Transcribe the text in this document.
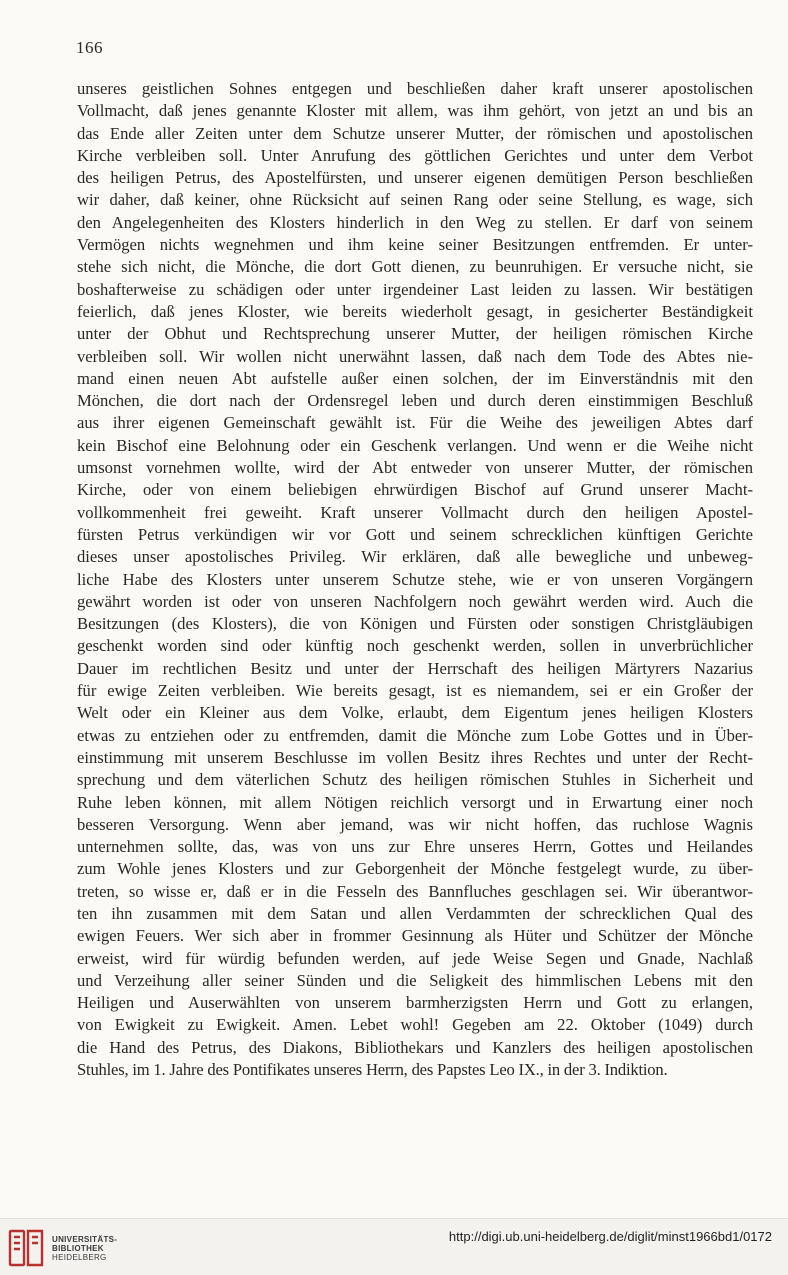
166
unseres geistlichen Sohnes entgegen und beschließen daher kraft unserer apostolischen
Vollmacht, daß jenes genannte Kloster mit allem, was ihm gehört, von jetzt an und bis an
das Ende aller Zeiten unter dem Schutze unserer Mutter, der römischen und apostolischen
Kirche verbleiben soll. Unter Anrufung des göttlichen Gerichtes und unter dem Verbot
des heiligen Petrus, des Apostelfürsten, und unserer eigenen demütigen Person beschließen
wir daher, daß keiner, ohne Rücksicht auf seinen Rang oder seine Stellung, es wage, sich
den Angelegenheiten des Klosters hinderlich in den Weg zu stellen. Er darf von seinem
Vermögen nichts wegnehmen und ihm keine seiner Besitzungen entfremden. Er unter-
stehe sich nicht, die Mönche, die dort Gott dienen, zu beunruhigen. Er versuche nicht, sie
boshafterweise zu schädigen oder unter irgendeiner Last leiden zu lassen. Wir bestätigen
feierlich, daß jenes Kloster, wie bereits wiederholt gesagt, in gesicherter Beständigkeit
unter der Obhut und Rechtsprechung unserer Mutter, der heiligen römischen Kirche
verbleiben soll. Wir wollen nicht unerwähnt lassen, daß nach dem Tode des Abtes nie-
mand einen neuen Abt aufstelle außer einen solchen, der im Einverständnis mit den
Mönchen, die dort nach der Ordensregel leben und durch deren einstimmigen Beschluß
aus ihrer eigenen Gemeinschaft gewählt ist. Für die Weihe des jeweiligen Abtes darf
kein Bischof eine Belohnung oder ein Geschenk verlangen. Und wenn er die Weihe nicht
umsonst vornehmen wollte, wird der Abt entweder von unserer Mutter, der römischen
Kirche, oder von einem beliebigen ehrwürdigen Bischof auf Grund unserer Macht-
vollkommenheit frei geweiht. Kraft unserer Vollmacht durch den heiligen Apostel-
fürsten Petrus verkündigen wir vor Gott und seinem schrecklichen künftigen Gerichte
dieses unser apostolisches Privileg. Wir erklären, daß alle bewegliche und unbeweg-
liche Habe des Klosters unter unserem Schutze stehe, wie er von unseren Vorgängern
gewährt worden ist oder von unseren Nachfolgern noch gewährt werden wird. Auch die
Besitzungen (des Klosters), die von Königen und Fürsten oder sonstigen Christgläubigen
geschenkt worden sind oder künftig noch geschenkt werden, sollen in unverbrüchlicher
Dauer im rechtlichen Besitz und unter der Herrschaft des heiligen Märtyrers Nazarius
für ewige Zeiten verbleiben. Wie bereits gesagt, ist es niemandem, sei er ein Großer der
Welt oder ein Kleiner aus dem Volke, erlaubt, dem Eigentum jenes heiligen Klosters
etwas zu entziehen oder zu entfremden, damit die Mönche zum Lobe Gottes und in Über-
einstimmung mit unserem Beschlusse im vollen Besitz ihres Rechtes und unter der Recht-
sprechung und dem väterlichen Schutz des heiligen römischen Stuhles in Sicherheit und
Ruhe leben können, mit allem Nötigen reichlich versorgt und in Erwartung einer noch
besseren Versorgung. Wenn aber jemand, was wir nicht hoffen, das ruchlose Wagnis
unternehmen sollte, das, was von uns zur Ehre unseres Herrn, Gottes und Heilandes
zum Wohle jenes Klosters und zur Geborgenheit der Mönche festgelegt wurde, zu über-
treten, so wisse er, daß er in die Fesseln des Bannfluches geschlagen sei. Wir überantwor-
ten ihn zusammen mit dem Satan und allen Verdammten der schrecklichen Qual des
ewigen Feuers. Wer sich aber in frommer Gesinnung als Hüter und Schützer der Mönche
erweist, wird für würdig befunden werden, auf jede Weise Segen und Gnade, Nachlaß
und Verzeihung aller seiner Sünden und die Seligkeit des himmlischen Lebens mit den
Heiligen und Auserwählten von unserem barmherzigsten Herrn und Gott zu erlangen,
von Ewigkeit zu Ewigkeit. Amen. Lebet wohl! Gegeben am 22. Oktober (1049) durch
die Hand des Petrus, des Diakons, Bibliothekars und Kanzlers des heiligen apostolischen
Stuhles, im 1. Jahre des Pontifikates unseres Herrn, des Papstes Leo IX., in der 3. Indiktion.
UNIVERSITÄTS-
BIBLIOTHEK
HEIDELBERG
http://digi.ub.uni-heidelberg.de/diglit/minst1966bd1/0172
